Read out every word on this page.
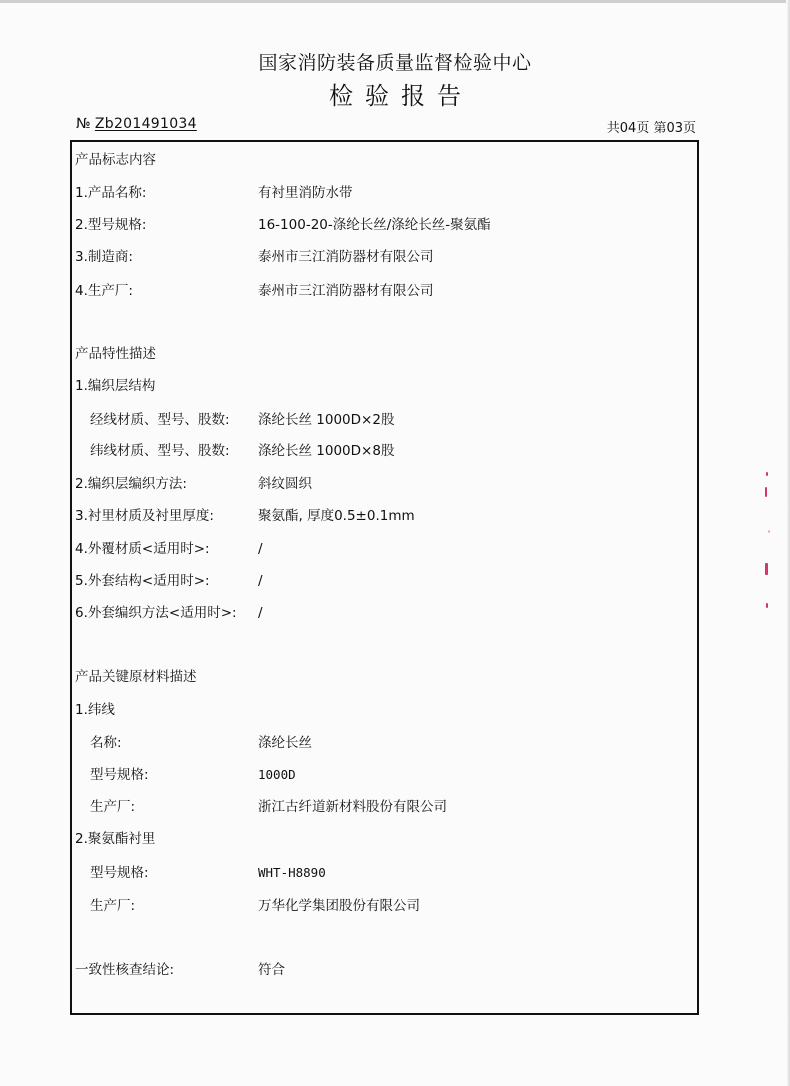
国家消防装备质量监督检验中心
检验报告
№ Zb201491034	共04页 第03页
产品标志内容
1.产品名称:	有衬里消防水带
2.型号规格:	16-100-20-涤纶长丝/涤纶长丝-聚氨酯
3.制造商:	泰州市三江消防器材有限公司
4.生产厂:	泰州市三江消防器材有限公司
产品特性描述
1.编织层结构
经线材质、型号、股数: 涤纶长丝 1000D×2股
纬线材质、型号、股数: 涤纶长丝 1000D×8股
2.编织层编织方法:	斜纹圆织
3.衬里材质及衬里厚度:	聚氨酯, 厚度0.5±0.1mm
4.外覆材质<适用时>:	/
5.外套结构<适用时>:	/
6.外套编织方法<适用时>: /
产品关键原材料描述
1.纬线
名称:	涤纶长丝
型号规格:	1000D
生产厂:	浙江古纤道新材料股份有限公司
2.聚氨酯衬里
型号规格:	WHT-H8890
生产厂:	万华化学集团股份有限公司
一致性核查结论:	符合
